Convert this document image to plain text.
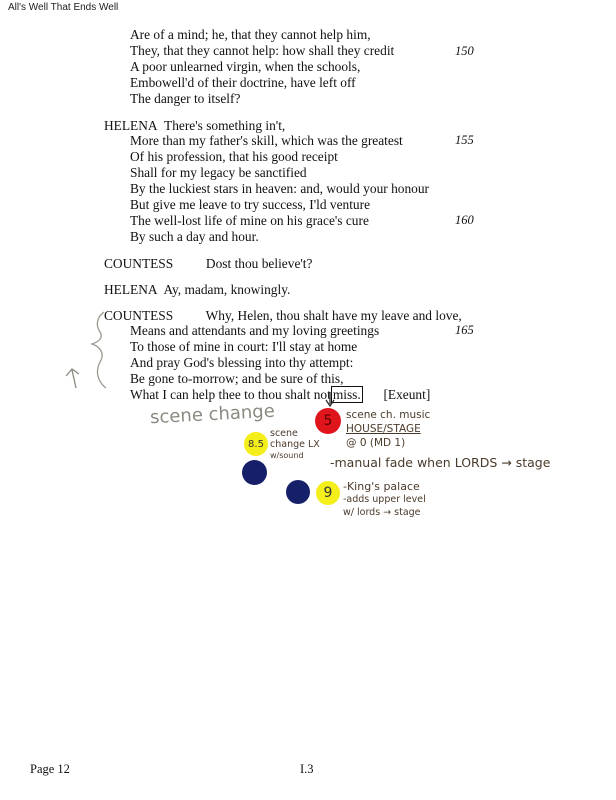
All's Well That Ends Well
Are of a mind; he, that they cannot help him,
They, that they cannot help: how shall they credit
A poor unlearned virgin, when the schools,
Embowell'd of their doctrine, have left off
The danger to itself?
150
HELENA There's something in't,
More than my father's skill, which was the greatest
Of his profession, that his good receipt
Shall for my legacy be sanctified
By the luckiest stars in heaven: and, would your honour
But give me leave to try success, I'ld venture
The well-lost life of mine on his grace's cure
By such a day and hour.
155
160
COUNTESS Dost thou believe't?
HELENA Ay, madam, knowingly.
COUNTESS Why, Helen, thou shalt have my leave and love,
Means and attendants and my loving greetings
To those of mine in court: I'll stay at home
And pray God's blessing into thy attempt:
Be gone to-morrow; and be sure of this,
What I can help thee to thou shalt not miss. [Exeunt]
165
scene change	5	scene ch. music
HOUSE/STAGE
@ 0 (MD 1)
8.5
scene
change LX
w/sound	-manual fade when LORDS → stage
9 -King's palace
-adds upper level
w/ lords → stage
Page 12	I.3
